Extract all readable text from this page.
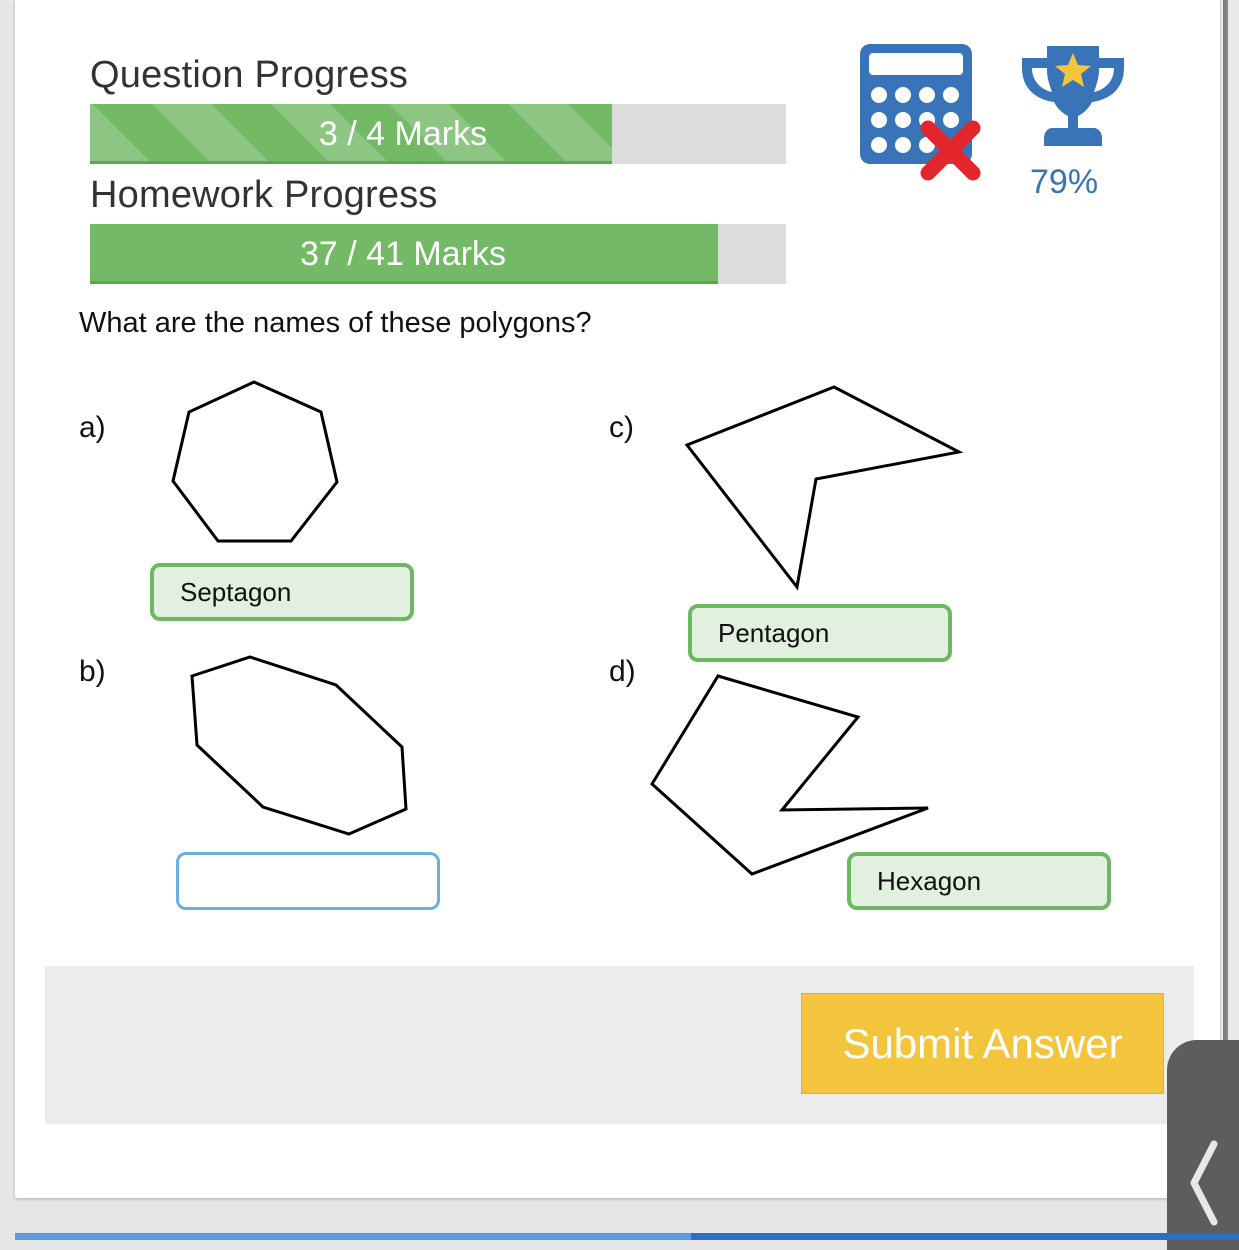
Question Progress
3 / 4 Marks
Homework Progress
37 / 41 Marks
79%
What are the names of these polygons?
a)
Septagon
b)
c)
Pentagon
d)
Hexagon
Submit Answer
